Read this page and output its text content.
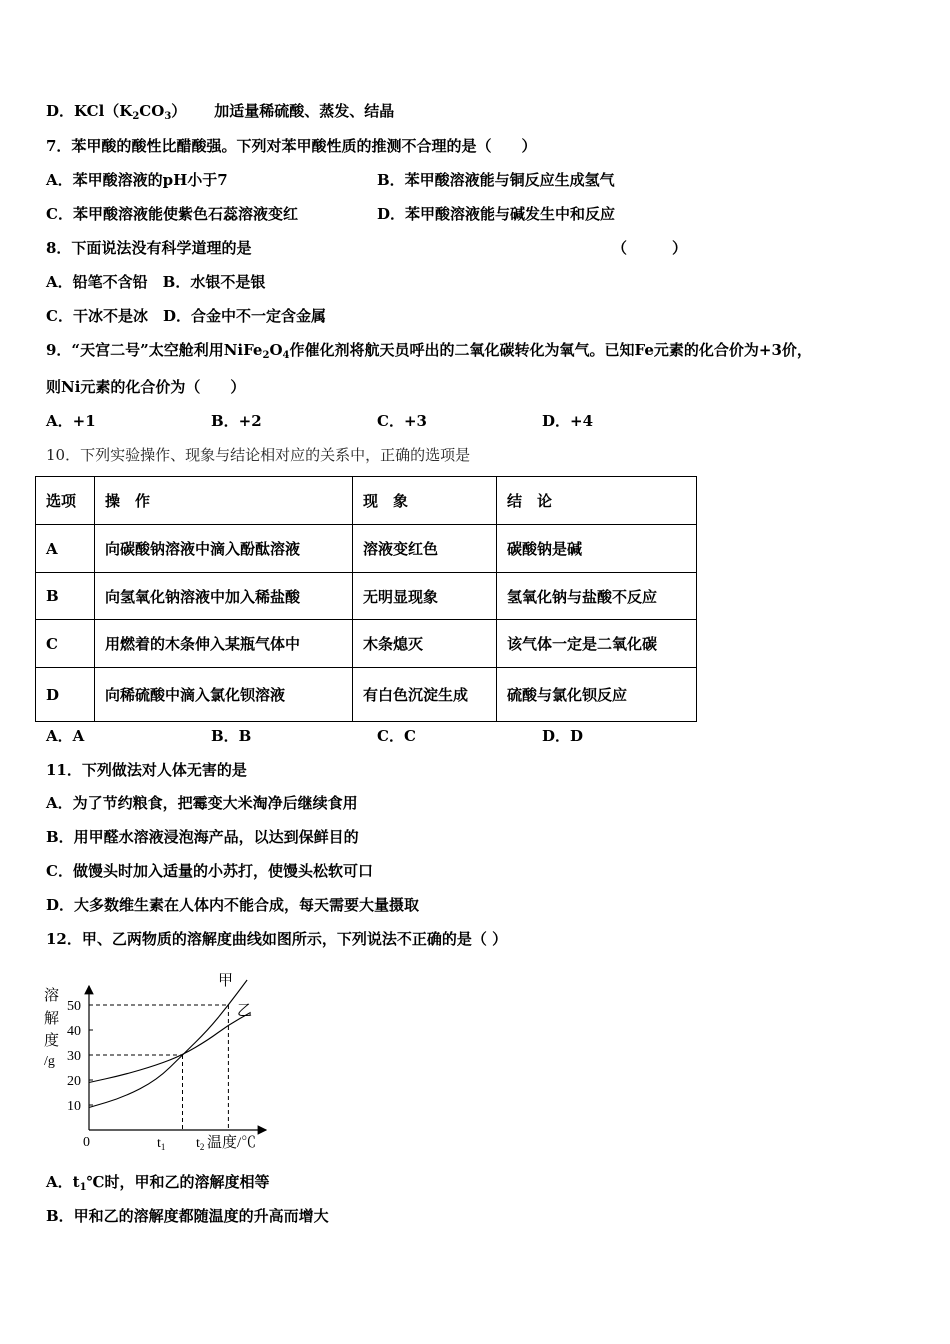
D．$KCl(K_2CO_3)$ 加适量稀硫酸、蒸发、结晶
7．苯甲酸的酸性比醋酸强。下列对苯甲酸性质的推测不合理的是（　　）
A．苯甲酸溶液的pH小于7	B．苯甲酸溶液能与铜反应生成氢气
C．苯甲酸溶液能使紫色石蕊溶液变红	D．苯甲酸溶液能与碱发生中和反应
8．下面说法没有科学道理的是	（　　　）
A．铅笔不含铅　B．水银不是银
C．干冰不是冰　D．合金中不一定含金属
9．“天宫二号”太空舱利用$NiFe_2O_4$作催化剂将航天员呼出的二氧化碳转化为氧气。已知Fe元素的化合价为+3价，
则Ni元素的化合价为（　　）
A．+1	B．+2	C．+3	D．+4
10．下列实验操作、现象与结论相对应的关系中，正确的选项是
选项	操　作	现　象	结　论
A	向碳酸钠溶液中滴入酚酞溶液	溶液变红色	碳酸钠是碱
B	向氢氧化钠溶液中加入稀盐酸	无明显现象	氢氧化钠与盐酸不反应
C	用燃着的木条伸入某瓶气体中	木条熄灭	该气体一定是二氧化碳
D	向稀硫酸中滴入氯化钡溶液	有白色沉淀生成	硫酸与氯化钡反应
A．A	B．B	C．C	D．D
11．下列做法对人体无害的是
A．为了节约粮食，把霉变大米淘净后继续食用
B．用甲醛水溶液浸泡海产品，以达到保鲜目的
C．做馒头时加入适量的小苏打，使馒头松软可口
D．大多数维生素在人体内不能合成，每天需要大量摄取
12．甲、乙两物质的溶解度曲线如图所示，下列说法不正确的是（ ）
10
20
30
40
50
溶
解
度
/g
0	$t_1$ $t_2$ 温度/℃
甲
乙
A．$t_1℃$时，甲和乙的溶解度相等
B．甲和乙的溶解度都随温度的升高而增大
